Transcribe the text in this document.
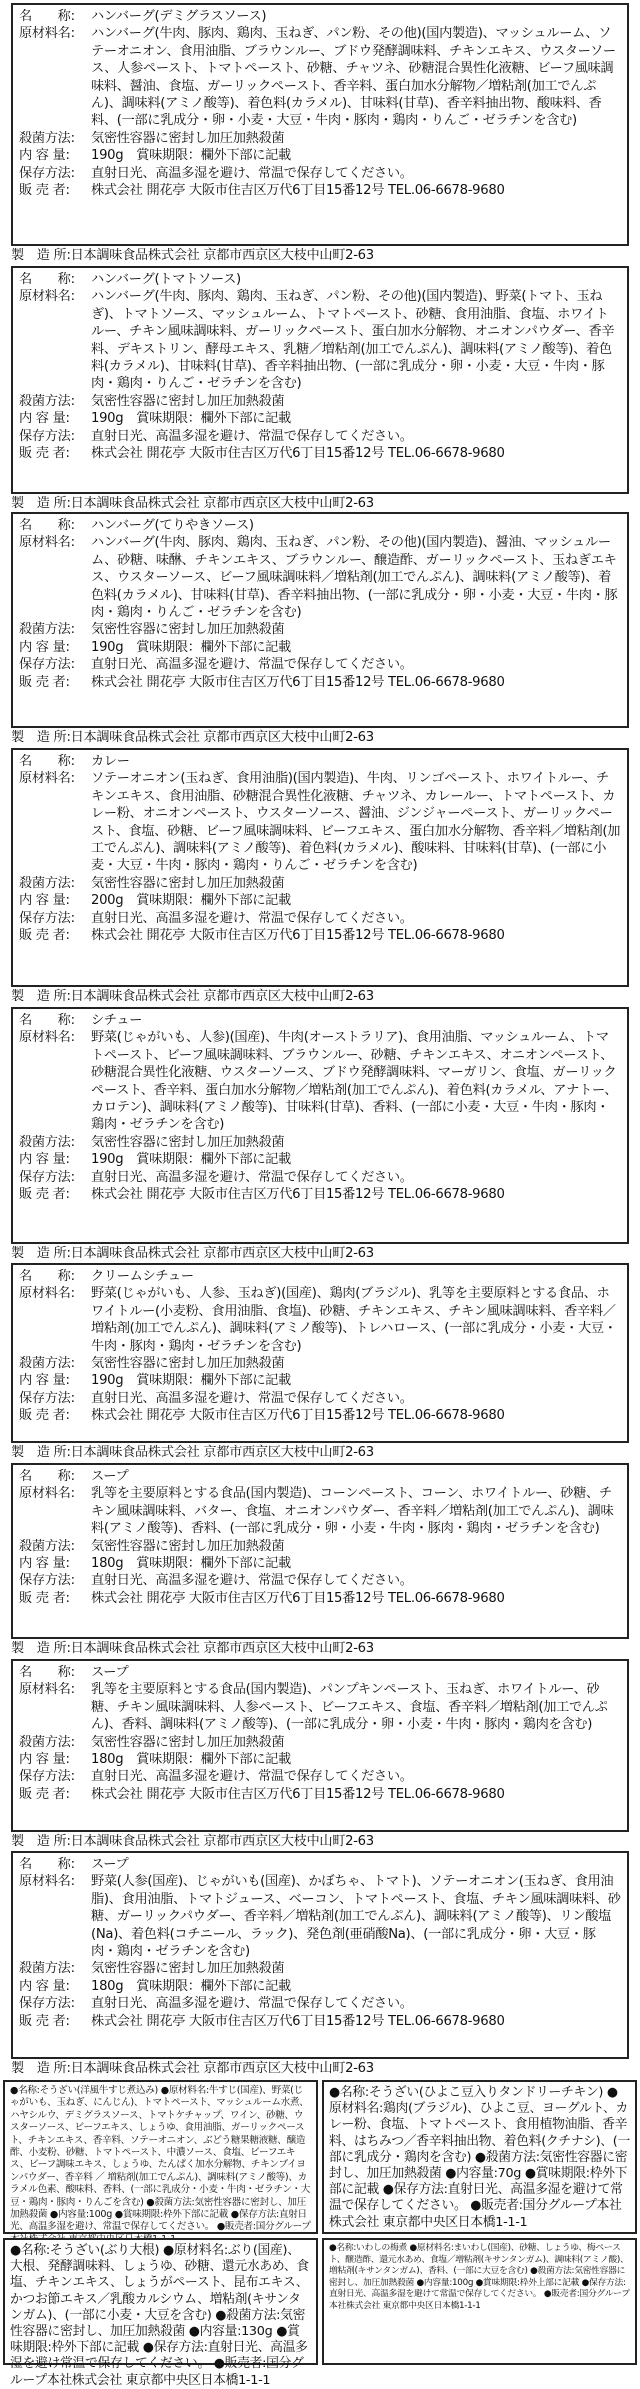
名　　称 :	ハンバーグ(デミグラスソース)
原材料名 :	ハンバーグ(牛肉、豚肉、鶏肉、玉ねぎ、パン粉、その他)(国内製造)、マッシュルーム、ソテーオニオン、食用油脂、ブラウンルー、ブドウ発酵調味料、チキンエキス、ウスターソース、人参ペースト、トマトペースト、砂糖、チャツネ、砂糖混合異性化液糖、ビーフ風味調味料、醤油、食塩、ガーリックペースト、香辛料、蛋白加水分解物／増粘剤(加工でんぷん)、調味料(アミノ酸等)、着色料(カラメル)、甘味料(甘草)、香辛料抽出物、酸味料、香料、(一部に乳成分・卵・小麦・大豆・牛肉・豚肉・鶏肉・りんご・ゼラチンを含む)
殺菌方法 :	気密性容器に密封し加圧加熱殺菌
内 容 量 :	190g　賞味期限：欄外下部に記載
保存方法 :	直射日光、高温多湿を避け、常温で保存してください。
販 売 者 :	株式会社 開花亭 大阪市住吉区万代6丁目15番12号 TEL.06-6678-9680
製　造 所 : 日本調味食品株式会社 京都市西京区大枝中山町2-63
名　　称 :	ハンバーグ(トマトソース)
原材料名 :	ハンバーグ(牛肉、豚肉、鶏肉、玉ねぎ、パン粉、その他)(国内製造)、野菜(トマト、玉ねぎ)、トマトソース、マッシュルーム、トマトペースト、砂糖、食用油脂、食塩、ホワイトルー、チキン風味調味料、ガーリックペースト、蛋白加水分解物、オニオンパウダー、香辛料、デキストリン、酵母エキス、乳糖／増粘剤(加工でんぷん)、調味料(アミノ酸等)、着色料(カラメル)、甘味料(甘草)、香辛料抽出物、(一部に乳成分・卵・小麦・大豆・牛肉・豚肉・鶏肉・りんご・ゼラチンを含む)
殺菌方法 :	気密性容器に密封し加圧加熱殺菌
内 容 量 :	190g　賞味期限：欄外下部に記載
保存方法 :	直射日光、高温多湿を避け、常温で保存してください。
販 売 者 :	株式会社 開花亭 大阪市住吉区万代6丁目15番12号 TEL.06-6678-9680
製　造 所 : 日本調味食品株式会社 京都市西京区大枝中山町2-63
名　　称 :	ハンバーグ(てりやきソース)
原材料名 :	ハンバーグ(牛肉、豚肉、鶏肉、玉ねぎ、パン粉、その他)(国内製造)、醤油、マッシュルーム、砂糖、味醂、チキンエキス、ブラウンルー、醸造酢、ガーリックペースト、玉ねぎエキス、ウスターソース、ビーフ風味調味料／増粘剤(加工でんぷん)、調味料(アミノ酸等)、着色料(カラメル)、甘味料(甘草)、香辛料抽出物、(一部に乳成分・卵・小麦・大豆・牛肉・豚肉・鶏肉・りんご・ゼラチンを含む)
殺菌方法 :	気密性容器に密封し加圧加熱殺菌
内 容 量 :	190g　賞味期限：欄外下部に記載
保存方法 :	直射日光、高温多湿を避け、常温で保存してください。
販 売 者 :	株式会社 開花亭 大阪市住吉区万代6丁目15番12号 TEL.06-6678-9680
製　造 所 : 日本調味食品株式会社 京都市西京区大枝中山町2-63
名　　称 :	カレー
原材料名 :	ソテーオニオン(玉ねぎ、食用油脂)(国内製造)、牛肉、リンゴペースト、ホワイトルー、チキンエキス、食用油脂、砂糖混合異性化液糖、チャツネ、カレールー、トマトペースト、カレー粉、オニオンペースト、ウスターソース、醤油、ジンジャーペースト、ガーリックペースト、食塩、砂糖、ビーフ風味調味料、ビーフエキス、蛋白加水分解物、香辛料／増粘剤(加工でんぷん)、調味料(アミノ酸等)、着色料(カラメル)、酸味料、甘味料(甘草)、(一部に小麦・大豆・牛肉・豚肉・鶏肉・りんご・ゼラチンを含む)
殺菌方法 :	気密性容器に密封し加圧加熱殺菌
内 容 量 :	200g　賞味期限：欄外下部に記載
保存方法 :	直射日光、高温多湿を避け、常温で保存してください。
販 売 者 :	株式会社 開花亭 大阪市住吉区万代6丁目15番12号 TEL.06-6678-9680
製　造 所 : 日本調味食品株式会社 京都市西京区大枝中山町2-63
名　　称 :	シチュー
原材料名 :	野菜(じゃがいも、人参)(国産)、牛肉(オーストラリア)、食用油脂、マッシュルーム、トマトペースト、ビーフ風味調味料、ブラウンルー、砂糖、チキンエキス、オニオンペースト、砂糖混合異性化液糖、ウスターソース、ブドウ発酵調味料、マーガリン、食塩、ガーリックペースト、香辛料、蛋白加水分解物／増粘剤(加工でんぷん)、着色料(カラメル、アナトー、カロテン)、調味料(アミノ酸等)、甘味料(甘草)、香料、(一部に小麦・大豆・牛肉・豚肉・鶏肉・ゼラチンを含む)
殺菌方法 :	気密性容器に密封し加圧加熱殺菌
内 容 量 :	190g　賞味期限：欄外下部に記載
保存方法 :	直射日光、高温多湿を避け、常温で保存してください。
販 売 者 :	株式会社 開花亭 大阪市住吉区万代6丁目15番12号 TEL.06-6678-9680
製　造 所 : 日本調味食品株式会社 京都市西京区大枝中山町2-63
名　　称 :	クリームシチュー
原材料名 :	野菜(じゃがいも、人参、玉ねぎ)(国産)、鶏肉(ブラジル)、乳等を主要原料とする食品、ホワイトルー(小麦粉、食用油脂、食塩)、砂糖、チキンエキス、チキン風味調味料、香辛料／増粘剤(加工でんぷん)、調味料(アミノ酸等)、トレハロース、(一部に乳成分・小麦・大豆・牛肉・豚肉・鶏肉・ゼラチンを含む)
殺菌方法 :	気密性容器に密封し加圧加熱殺菌
内 容 量 :	190g　賞味期限：欄外下部に記載
保存方法 :	直射日光、高温多湿を避け、常温で保存してください。
販 売 者 :	株式会社 開花亭 大阪市住吉区万代6丁目15番12号 TEL.06-6678-9680
製　造 所 : 日本調味食品株式会社 京都市西京区大枝中山町2-63
名　　称 :	スープ
原材料名 :	乳等を主要原料とする食品(国内製造)、コーンペースト、コーン、ホワイトルー、砂糖、チキン風味調味料、バター、食塩、オニオンパウダー、香辛料／増粘剤(加工でんぷん)、調味料(アミノ酸等)、香料、(一部に乳成分・卵・小麦・牛肉・豚肉・鶏肉・ゼラチンを含む)
殺菌方法 :	気密性容器に密封し加圧加熱殺菌
内 容 量 :	180g　賞味期限：欄外下部に記載
保存方法 :	直射日光、高温多湿を避け、常温で保存してください。
販 売 者 :	株式会社 開花亭 大阪市住吉区万代6丁目15番12号 TEL.06-6678-9680
製　造 所 : 日本調味食品株式会社 京都市西京区大枝中山町2-63
名　　称 :	スープ
原材料名 :	乳等を主要原料とする食品(国内製造)、パンプキンペースト、玉ねぎ、ホワイトルー、砂糖、チキン風味調味料、人参ペースト、ビーフエキス、食塩、香辛料／増粘剤(加工でんぷん)、香料、調味料(アミノ酸等)、(一部に乳成分・卵・小麦・牛肉・豚肉・鶏肉を含む)
殺菌方法 :	気密性容器に密封し加圧加熱殺菌
内 容 量 :	180g　賞味期限：欄外下部に記載
保存方法 :	直射日光、高温多湿を避け、常温で保存してください。
販 売 者 :	株式会社 開花亭 大阪市住吉区万代6丁目15番12号 TEL.06-6678-9680
製　造 所 : 日本調味食品株式会社 京都市西京区大枝中山町2-63
名　　称 :	スープ
原材料名 :	野菜(人参(国産)、じゃがいも(国産)、かぼちゃ、トマト)、ソテーオニオン(玉ねぎ、食用油脂)、食用油脂、トマトジュース、ベーコン、トマトペースト、食塩、チキン風味調味料、砂糖、ガーリックパウダー、香辛料／増粘剤(加工でんぷん)、調味料(アミノ酸等)、リン酸塩(Na)、着色料(コチニール、ラック)、発色剤(亜硝酸Na)、(一部に乳成分・卵・大豆・豚肉・鶏肉・ゼラチンを含む)
殺菌方法 :	気密性容器に密封し加圧加熱殺菌
内 容 量 :	180g　賞味期限：欄外下部に記載
保存方法 :	直射日光、高温多湿を避け、常温で保存してください。
販 売 者 :	株式会社 開花亭 大阪市住吉区万代6丁目15番12号 TEL.06-6678-9680
製　造 所 : 日本調味食品株式会社 京都市西京区大枝中山町2-63

●名称:そうざい(洋風牛すじ煮込み) ●原材料名:牛すじ(国産)、野菜(じゃがいも、玉ねぎ、にんじん)、トマトペースト、マッシュルーム水煮、ハヤシルウ、デミグラスソース、トマトケチャップ、ワイン、砂糖、ウスターソース、ビーフエキス、しょうゆ、食用油脂、ガーリックペースト、チキンエキス、香辛料、ソテーオニオン、ぶどう糖果糖液糖、醸造酢、小麦粉、砂糖、トマトペースト、中濃ソース、食塩、ビーフエキス、ビーフ調味エキス、しょうゆ、たんぱく加水分解物、チキンブイヨンパウダー、香辛料 ／ 増粘剤(加工でんぷん)、調味料(アミノ酸等)、カラメル色素、酸味料、香料、(一部に乳成分・小麦・牛肉・ゼラチン・大豆・鶏肉・豚肉・りんごを含む) ●殺菌方法:気密性容器に密封し、加圧加熱殺菌 ●内容量:100g ●賞味期限:枠外下部に記載 ●保存方法:直射日光、高温多湿を避け、常温で保存してください。 ●販売者:国分グループ

●名称:そうざい(ひよこ豆入りタンドリーチキン) ●原材料名:鶏肉(ブラジル)、ひよこ豆、ヨーグルト、カレー粉、食塩、トマトペースト、食用植物油脂、香辛料、はちみつ／香辛料抽出物、着色料(クチナシ)、(一部に乳成分・鶏肉を含む) ●殺菌方法:気密性容器に密封し、加圧加熱殺菌 ●内容量:70g ●賞味期限:枠外下部に記載 ●保存方法:直射日光、高温多湿を避けて常温で保存してください。 ●販売者:国分グループ本社株式会社 東京都中央区日本橋1-1-1

●名称:そうざい(ぶり大根) ●原材料名:ぶり(国産)、大根、発酵調味料、しょうゆ、砂糖、還元水あめ、食塩、チキンエキス、しょうがペースト、昆布エキス、かつお節エキス／乳酸カルシウム、増粘剤(キサンタンガム)、(一部に小麦・大豆を含む) ●殺菌方法:気密性容器に密封し、加圧加熱殺菌 ●内容量:130g ●賞味期限:枠外下部に記載 ●保存方法:直射日光、高温多湿を避け常温で保存してください。 ●販売者:国分グループ本社株式会社 東京都中央区日本橋1-1-1

●名称:いわしの梅煮 ●原材料名:まいわし(国産)、砂糖、しょうゆ、梅ペースト、醸造酢、還元水あめ、食塩／増粘剤(キサンタンガム)、調味料(アミノ酸)、増粘剤(キサンタンガム)、香料、(一部に大豆を含む) ●殺菌方法:気密性容器に密封し、加圧加熱殺菌 ●内容量:100g ●賞味期限:枠外上部に記載 ●保存方法:直射日光、高温多湿を避けて常温で保存してください。 ●販売者:国分グループ本社株式会社 東京都中央区日本橋1-1-1
